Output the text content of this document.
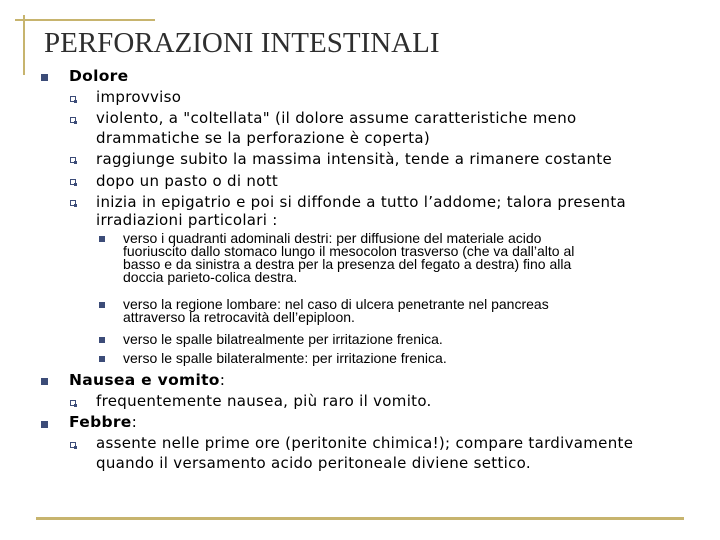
PERFORAZIONI INTESTINALI
Dolore
improvviso
violento, a "coltellata" (il dolore assume caratteristiche meno
drammatiche se la perforazione è coperta)
raggiunge subito la massima intensità, tende a rimanere costante
dopo un pasto o di nott
inizia in epigatrio e poi si diffonde a tutto l’addome; talora presenta
irradiazioni particolari :
verso i quadranti adominali destri: per diffusione del materiale acido
fuoriuscito dallo stomaco lungo il mesocolon trasverso (che va dall’alto al
basso e da sinistra a destra per la presenza del fegato a destra) fino alla
doccia parieto-colica destra.
verso la regione lombare: nel caso di ulcera penetrante nel pancreas
attraverso la retrocavità dell’epiploon.
verso le spalle bilatrealmente per irritazione frenica.
verso le spalle bilateralmente: per irritazione frenica.
Nausea e vomito:
frequentemente nausea, più raro il vomito.
Febbre:
assente nelle prime ore (peritonite chimica!); compare tardivamente
quando il versamento acido peritoneale diviene settico.
